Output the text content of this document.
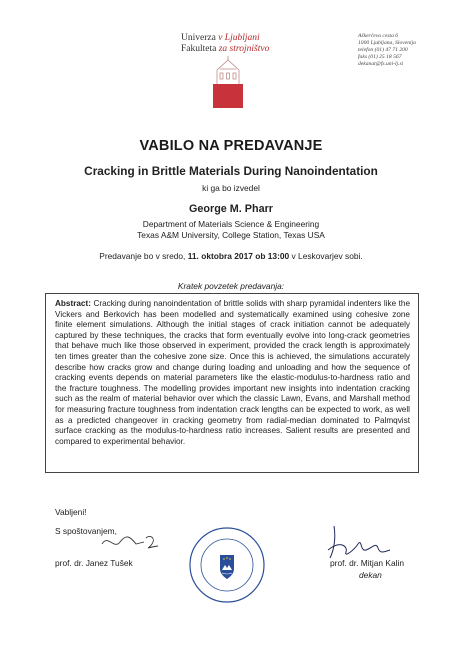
Univerza v Ljubljani
Fakulteta za strojništvo
Aškerčeva cesta 6
1000 Ljubljana, Slovenija
telefon (01) 47 71 200
faks (01) 25 18 567
dekanat@fs.uni-lj.si
VABILO NA PREDAVANJE
Cracking in Brittle Materials During Nanoindentation
ki ga bo izvedel
George M. Pharr
Department of Materials Science & Engineering
Texas A&M University, College Station, Texas USA
Predavanje bo v sredo, 11. oktobra 2017 ob 13:00 v Leskovarjev sobi.
Kratek povzetek predavanja:
Abstract: Cracking during nanoindentation of brittle solids with sharp pyramidal indenters like the Vickers and Berkovich has been modelled and systematically examined using cohesive zone finite element simulations. Although the initial stages of crack initiation cannot be adequately captured by these techniques, the cracks that form eventually evolve into long-crack geometries that behave much like those observed in experiment, provided the crack length is approximately ten times greater than the cohesive zone size. Once this is achieved, the simulations accurately describe how cracks grow and change during loading and unloading and how the sequence of cracking events depends on material parameters like the elastic-modulus-to-hardness ratio and the fracture toughness. The modelling provides important new insights into indentation cracking such as the realm of material behavior over which the classic Lawn, Evans, and Marshall method for measuring fracture toughness from indentation crack lengths can be expected to work, as well as a predicted changeover in cracking geometry from radial-median dominated to Palmqvist surface cracking as the modulus-to-hardness ratio increases. Salient results are presented and compared to experimental behavior.
Vabljeni!
S spoštovanjem,
prof. dr. Janez Tušek	prof. dr. Mitjan Kalin
dekan
